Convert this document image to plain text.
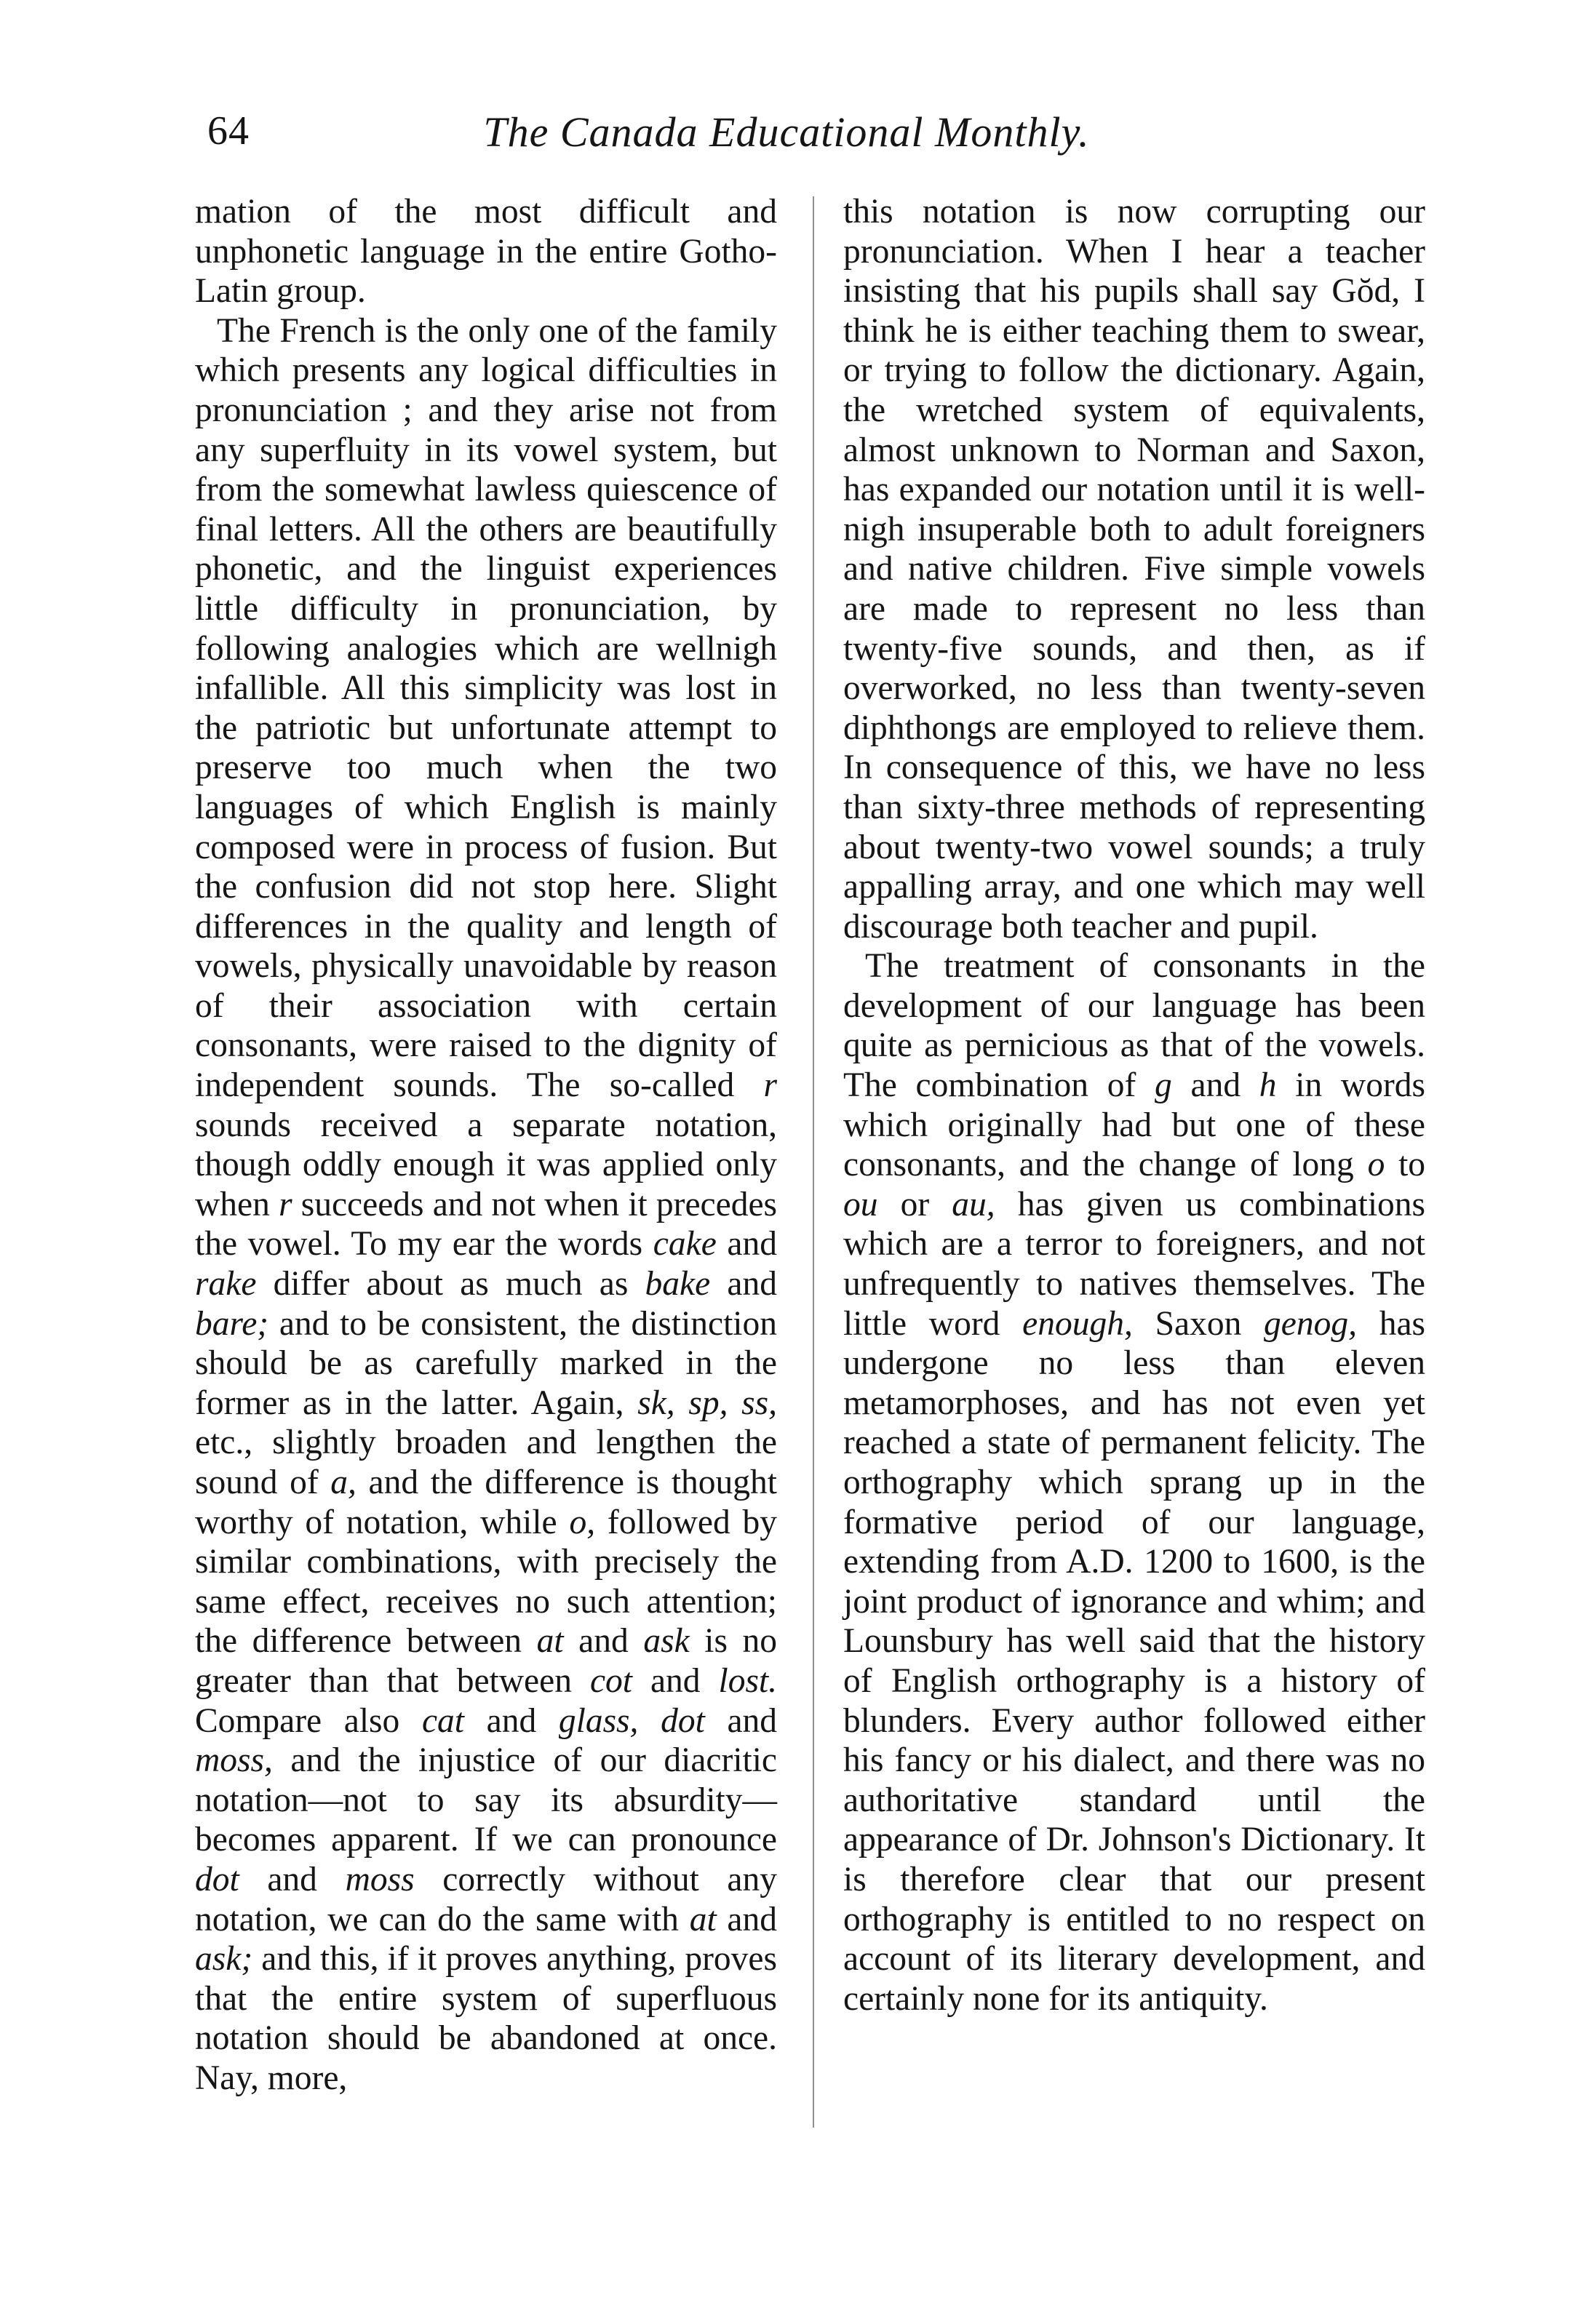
64	The Canada Educational Monthly.

mation of the most difficult and unphonetic language in the entire Gotho-Latin group.

The French is the only one of the family which presents any logical difficulties in pronunciation ; and they arise not from any superfluity in its vowel system, but from the somewhat lawless quiescence of final letters. All the others are beautifully phonetic, and the linguist experiences little difficulty in pronunciation, by following analogies which are wellnigh infallible. All this simplicity was lost in the patriotic but unfortunate attempt to preserve too much when the two languages of which English is mainly composed were in process of fusion. But the confusion did not stop here. Slight differences in the quality and length of vowels, physically unavoidable by reason of their association with certain consonants, were raised to the dignity of independent sounds. The so-called r sounds received a separate notation, though oddly enough it was applied only when r succeeds and not when it precedes the vowel. To my ear the words cake and rake differ about as much as bake and bare; and to be consistent, the distinction should be as carefully marked in the former as in the latter. Again, sk, sp, ss, etc., slightly broaden and lengthen the sound of a, and the difference is thought worthy of notation, while o, followed by similar combinations, with precisely the same effect, receives no such attention; the difference between at and ask is no greater than that between cot and lost. Compare also cat and glass, dot and moss, and the injustice of our diacritic notation—not to say its absurdity—becomes apparent. If we can pronounce dot and moss correctly without any notation, we can do the same with at and ask; and this, if it proves anything, proves that the entire system of superfluous notation should be abandoned at once. Nay, more,

this notation is now corrupting our pronunciation. When I hear a teacher insisting that his pupils shall say Gŏd, I think he is either teaching them to swear, or trying to follow the dictionary. Again, the wretched system of equivalents, almost unknown to Norman and Saxon, has expanded our notation until it is well-nigh insuperable both to adult foreigners and native children. Five simple vowels are made to represent no less than twenty-five sounds, and then, as if overworked, no less than twenty-seven diphthongs are employed to relieve them. In consequence of this, we have no less than sixty-three methods of representing about twenty-two vowel sounds; a truly appalling array, and one which may well discourage both teacher and pupil.

The treatment of consonants in the development of our language has been quite as pernicious as that of the vowels. The combination of g and h in words which originally had but one of these consonants, and the change of long o to ou or au, has given us combinations which are a terror to foreigners, and not unfrequently to natives themselves. The little word enough, Saxon genog, has undergone no less than eleven metamorphoses, and has not even yet reached a state of permanent felicity. The orthography which sprang up in the formative period of our language, extending from A.D. 1200 to 1600, is the joint product of ignorance and whim; and Lounsbury has well said that the history of English orthography is a history of blunders. Every author followed either his fancy or his dialect, and there was no authoritative standard until the appearance of Dr. Johnson's Dictionary. It is therefore clear that our present orthography is entitled to no respect on account of its literary development, and certainly none for its antiquity.
